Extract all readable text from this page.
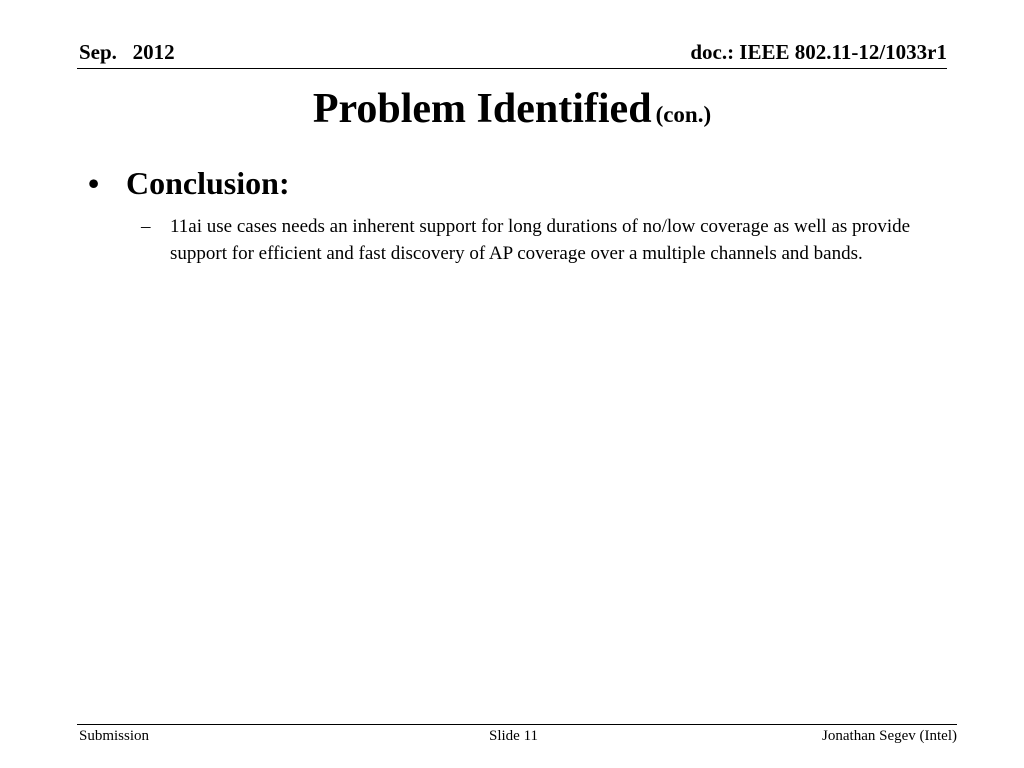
Sep.   2012	doc.: IEEE 802.11-12/1033r1
Problem Identified (con.)
• Conclusion:
– 11ai use cases needs an inherent support for long durations of no/low coverage as well as provide support for efficient and fast discovery of AP coverage over a multiple channels and bands.
Submission	Slide 11	Jonathan Segev (Intel)
